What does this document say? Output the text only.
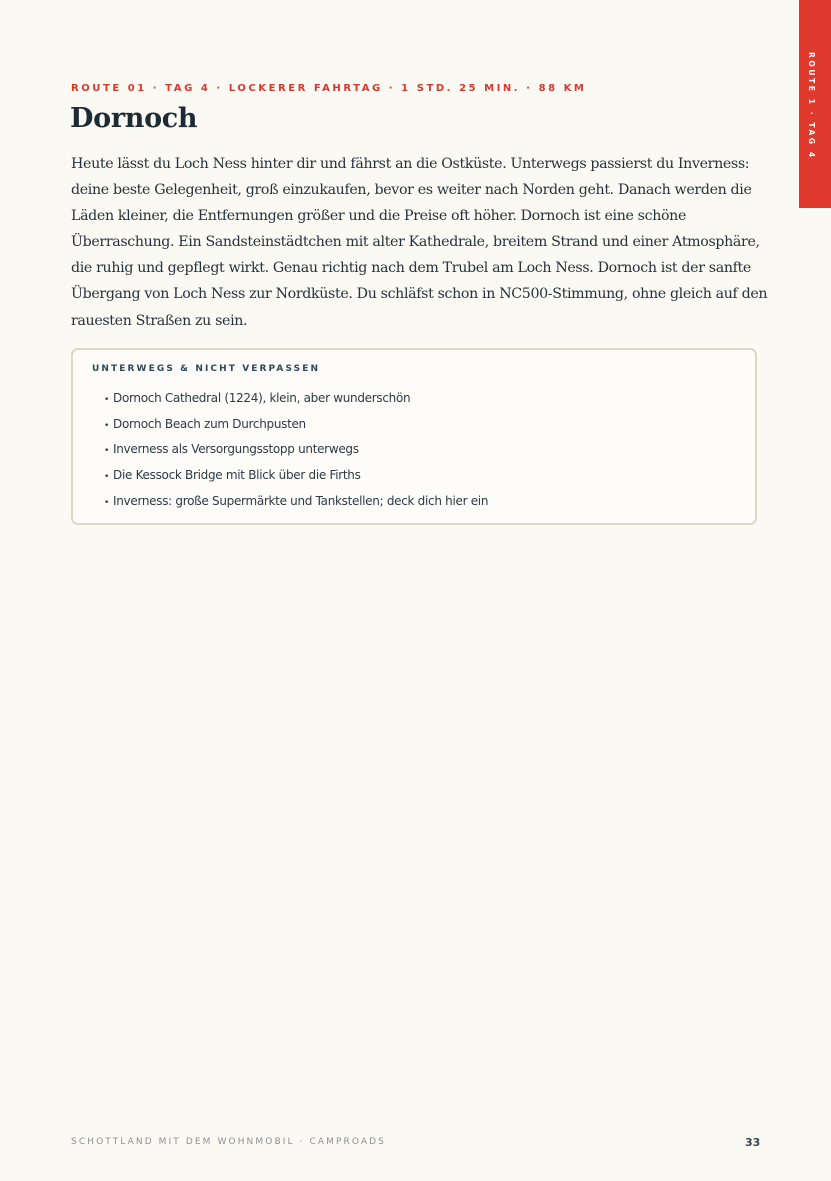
ROUTE 1 · TAG 4
ROUTE 01 · TAG 4 · LOCKERER FAHRTAG · 1 STD. 25 MIN. · 88 KM
Dornoch

Heute lässt du Loch Ness hinter dir und fährst an die Ostküste. Unterwegs passierst du Inverness: deine beste Gelegenheit, groß einzukaufen, bevor es weiter nach Norden geht. Danach werden die Läden kleiner, die Entfernungen größer und die Preise oft höher. Dornoch ist eine schöne Überraschung. Ein Sandsteinstädtchen mit alter Kathedrale, breitem Strand und einer Atmosphäre, die ruhig und gepflegt wirkt. Genau richtig nach dem Trubel am Loch Ness. Dornoch ist der sanfte Übergang von Loch Ness zur Nordküste. Du schläfst schon in NC500-Stimmung, ohne gleich auf den rauesten Straßen zu sein.

UNTERWEGS & NICHT VERPASSEN
• Dornoch Cathedral (1224), klein, aber wunderschön
• Dornoch Beach zum Durchpusten
• Inverness als Versorgungsstopp unterwegs
• Die Kessock Bridge mit Blick über die Firths
• Inverness: große Supermärkte und Tankstellen; deck dich hier ein
SCHOTTLAND MIT DEM WOHNMOBIL · CAMPROADS	33
